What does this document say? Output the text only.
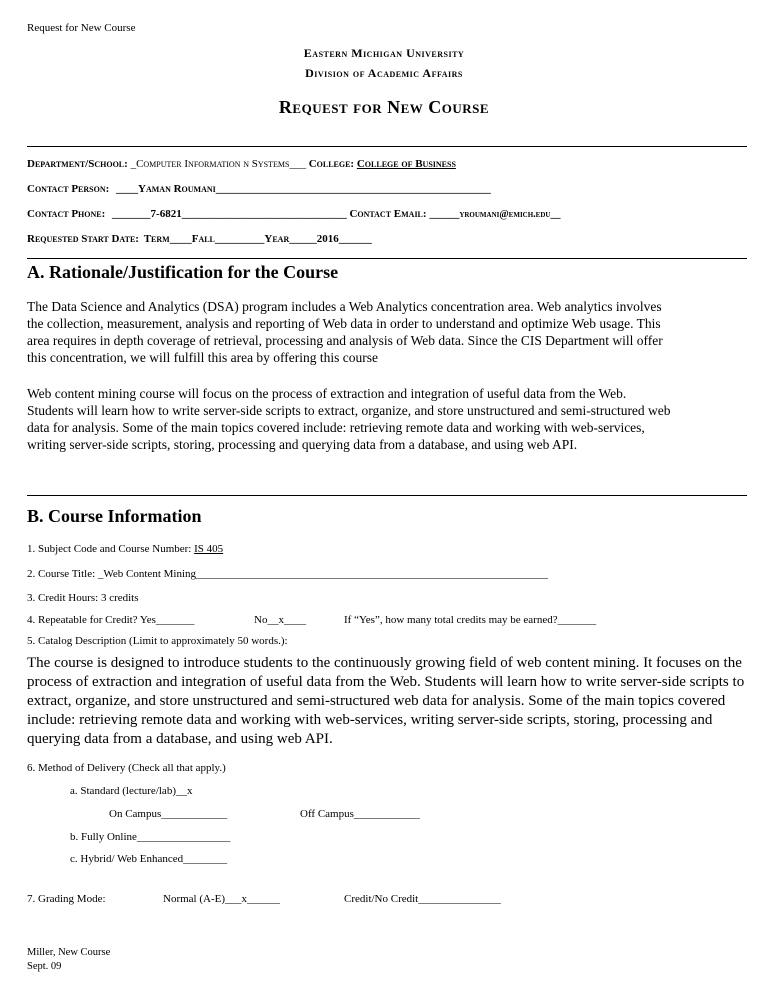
Request for New Course
Eastern Michigan University
Division of Academic Affairs
Request for New Course
Department/School: _Computer Information n Systems___ College: College of Business
Contact Person: ____Yaman Roumani__________________________________________________
Contact Phone: _______7-6821______________________________ Contact Email: ______yroumani@emich.edu__
Requested Start Date: Term____Fall_________Year_____2016______
A. Rationale/Justification for the Course
The Data Science and Analytics (DSA) program includes a Web Analytics concentration area. Web analytics involves
the collection, measurement, analysis and reporting of Web data in order to understand and optimize Web usage. This
area requires in depth coverage of retrieval, processing and analysis of Web data. Since the CIS Department will offer
this concentration, we will fulfill this area by offering this course
Web content mining course will focus on the process of extraction and integration of useful data from the Web.
Students will learn how to write server-side scripts to extract, organize, and store unstructured and semi-structured web
data for analysis. Some of the main topics covered include: retrieving remote data and working with web-services,
writing server-side scripts, storing, processing and querying data from a database, and using web API.
B. Course Information
1. Subject Code and Course Number: IS 405
2. Course Title: _Web Content Mining________________________________________________________________
3. Credit Hours: 3 credits
4. Repeatable for Credit? Yes_______	No__x____	If “Yes”, how many total credits may be earned?_______
5. Catalog Description (Limit to approximately 50 words.):
The course is designed to introduce students to the continuously growing field of web content mining. It focuses on the
process of extraction and integration of useful data from the Web. Students will learn how to write server-side scripts to
extract, organize, and store unstructured and semi-structured web data for analysis. Some of the main topics covered
include: retrieving remote data and working with web-services, writing server-side scripts, storing, processing and
querying data from a database, and using web API.
6. Method of Delivery (Check all that apply.)
a. Standard (lecture/lab)__x
On Campus____________	Off Campus____________
b. Fully Online_________________
c. Hybrid/ Web Enhanced________
7. Grading Mode:	Normal (A-E)___x______	Credit/No Credit_______________
Miller, New Course
Sept. 09
